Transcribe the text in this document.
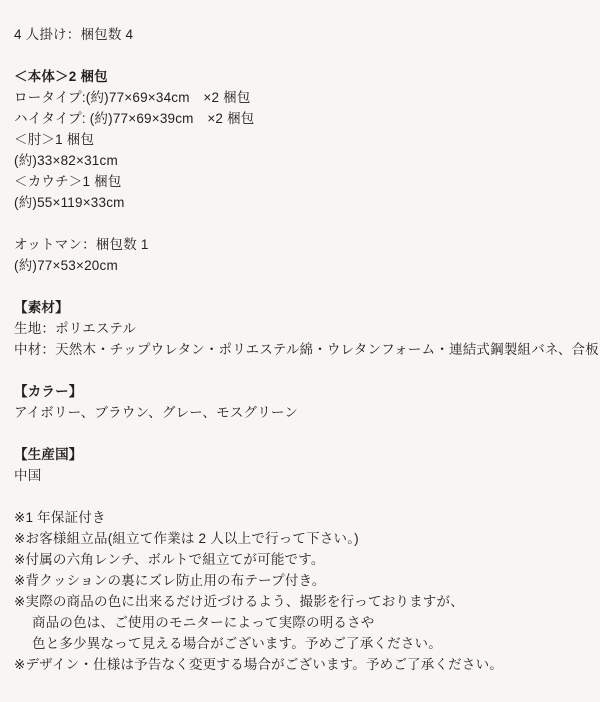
4 人掛け：梱包数 4
＜本体＞2 梱包
ロータイプ:(約)77×69×34cm　×2 梱包
ハイタイプ: (約)77×69×39cm　×2 梱包
＜肘＞1 梱包
(約)33×82×31cm
＜カウチ＞1 梱包
(約)55×119×33cm
オットマン：梱包数 1
(約)77×53×20cm
【素材】
生地：ポリエステル
中材：天然木・チップウレタン・ポリエステル綿・ウレタンフォーム・連結式鋼製組バネ、合板
【カラー】
アイボリー、ブラウン、グレー、モスグリーン
【生産国】
中国
※1 年保証付き
※お客様組立品(組立て作業は 2 人以上で行って下さい。)
※付属の六角レンチ、ボルトで組立てが可能です。
※背クッションの裏にズレ防止用の布テープ付き。
※実際の商品の色に出来るだけ近づけるよう、撮影を行っておりますが、
商品の色は、ご使用のモニターによって実際の明るさや
色と多少異なって見える場合がございます。予めご了承ください。
※デザイン・仕様は予告なく変更する場合がございます。予めご了承ください。
